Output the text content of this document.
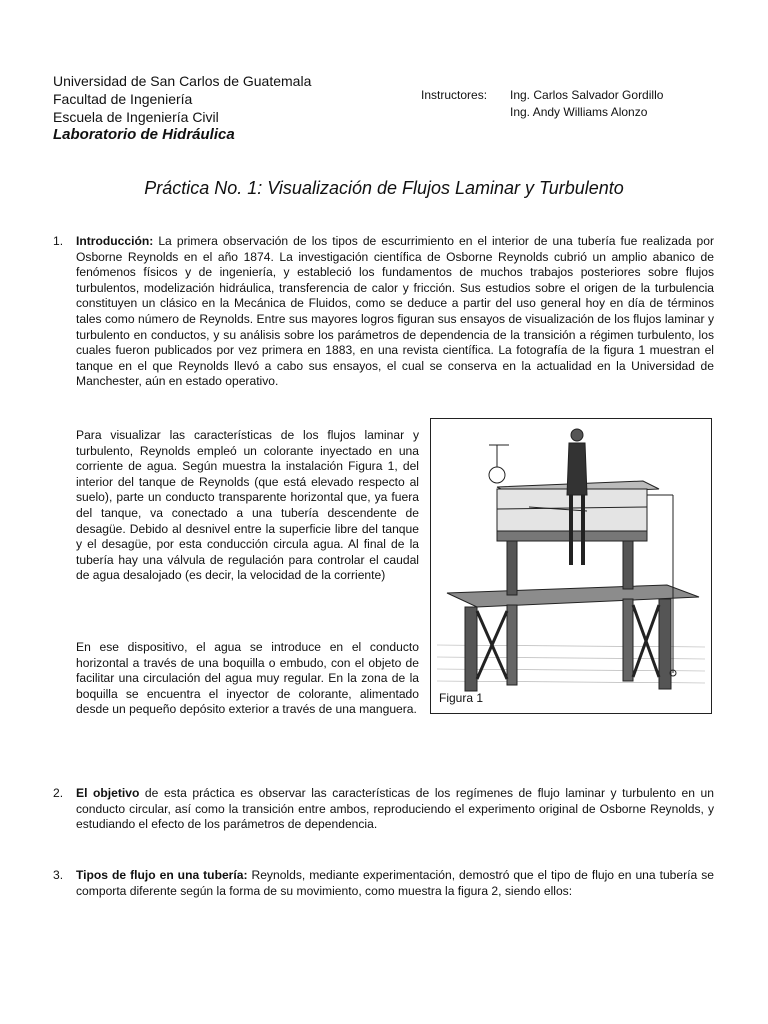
Universidad de San Carlos de Guatemala
Facultad de Ingeniería
Escuela de Ingeniería Civil
Laboratorio de Hidráulica
Instructores: Ing. Carlos Salvador Gordillo
Ing. Andy Williams Alonzo
Práctica No. 1: Visualización de Flujos Laminar y Turbulento
1. Introducción: La primera observación de los tipos de escurrimiento en el interior de una tubería fue realizada por Osborne Reynolds en el año 1874. La investigación científica de Osborne Reynolds cubrió un amplio abanico de fenómenos físicos y de ingeniería, y estableció los fundamentos de muchos trabajos posteriores sobre flujos turbulentos, modelización hidráulica, transferencia de calor y fricción. Sus estudios sobre el origen de la turbulencia constituyen un clásico en la Mecánica de Fluidos, como se deduce a partir del uso general hoy en día de términos tales como número de Reynolds. Entre sus mayores logros figuran sus ensayos de visualización de los flujos laminar y turbulento en conductos, y su análisis sobre los parámetros de dependencia de la transición a régimen turbulento, los cuales fueron publicados por vez primera en 1883, en una revista científica. La fotografía de la figura 1 muestran el tanque en el que Reynolds llevó a cabo sus ensayos, el cual se conserva en la actualidad en la Universidad de Manchester, aún en estado operativo.
Para visualizar las características de los flujos laminar y turbulento, Reynolds empleó un colorante inyectado en una corriente de agua. Según muestra la instalación Figura 1, del interior del tanque de Reynolds (que está elevado respecto al suelo), parte un conducto transparente horizontal que, ya fuera del tanque, va conectado a una tubería descendente de desagüe. Debido al desnivel entre la superficie libre del tanque y el desagüe, por esta conducción circula agua. Al final de la tubería hay una válvula de regulación para controlar el caudal de agua desalojado (es decir, la velocidad de la corriente)
En ese dispositivo, el agua se introduce en el conducto horizontal a través de una boquilla o embudo, con el objeto de facilitar una circulación del agua muy regular. En la zona de la boquilla se encuentra el inyector de colorante, alimentado desde un pequeño depósito exterior a través de una manguera.
Figura 1
2. El objetivo de esta práctica es observar las características de los regímenes de flujo laminar y turbulento en un conducto circular, así como la transición entre ambos, reproduciendo el experimento original de Osborne Reynolds, y estudiando el efecto de los parámetros de dependencia.
3. Tipos de flujo en una tubería: Reynolds, mediante experimentación, demostró que el tipo de flujo en una tubería se comporta diferente según la forma de su movimiento, como muestra la figura 2, siendo ellos:
